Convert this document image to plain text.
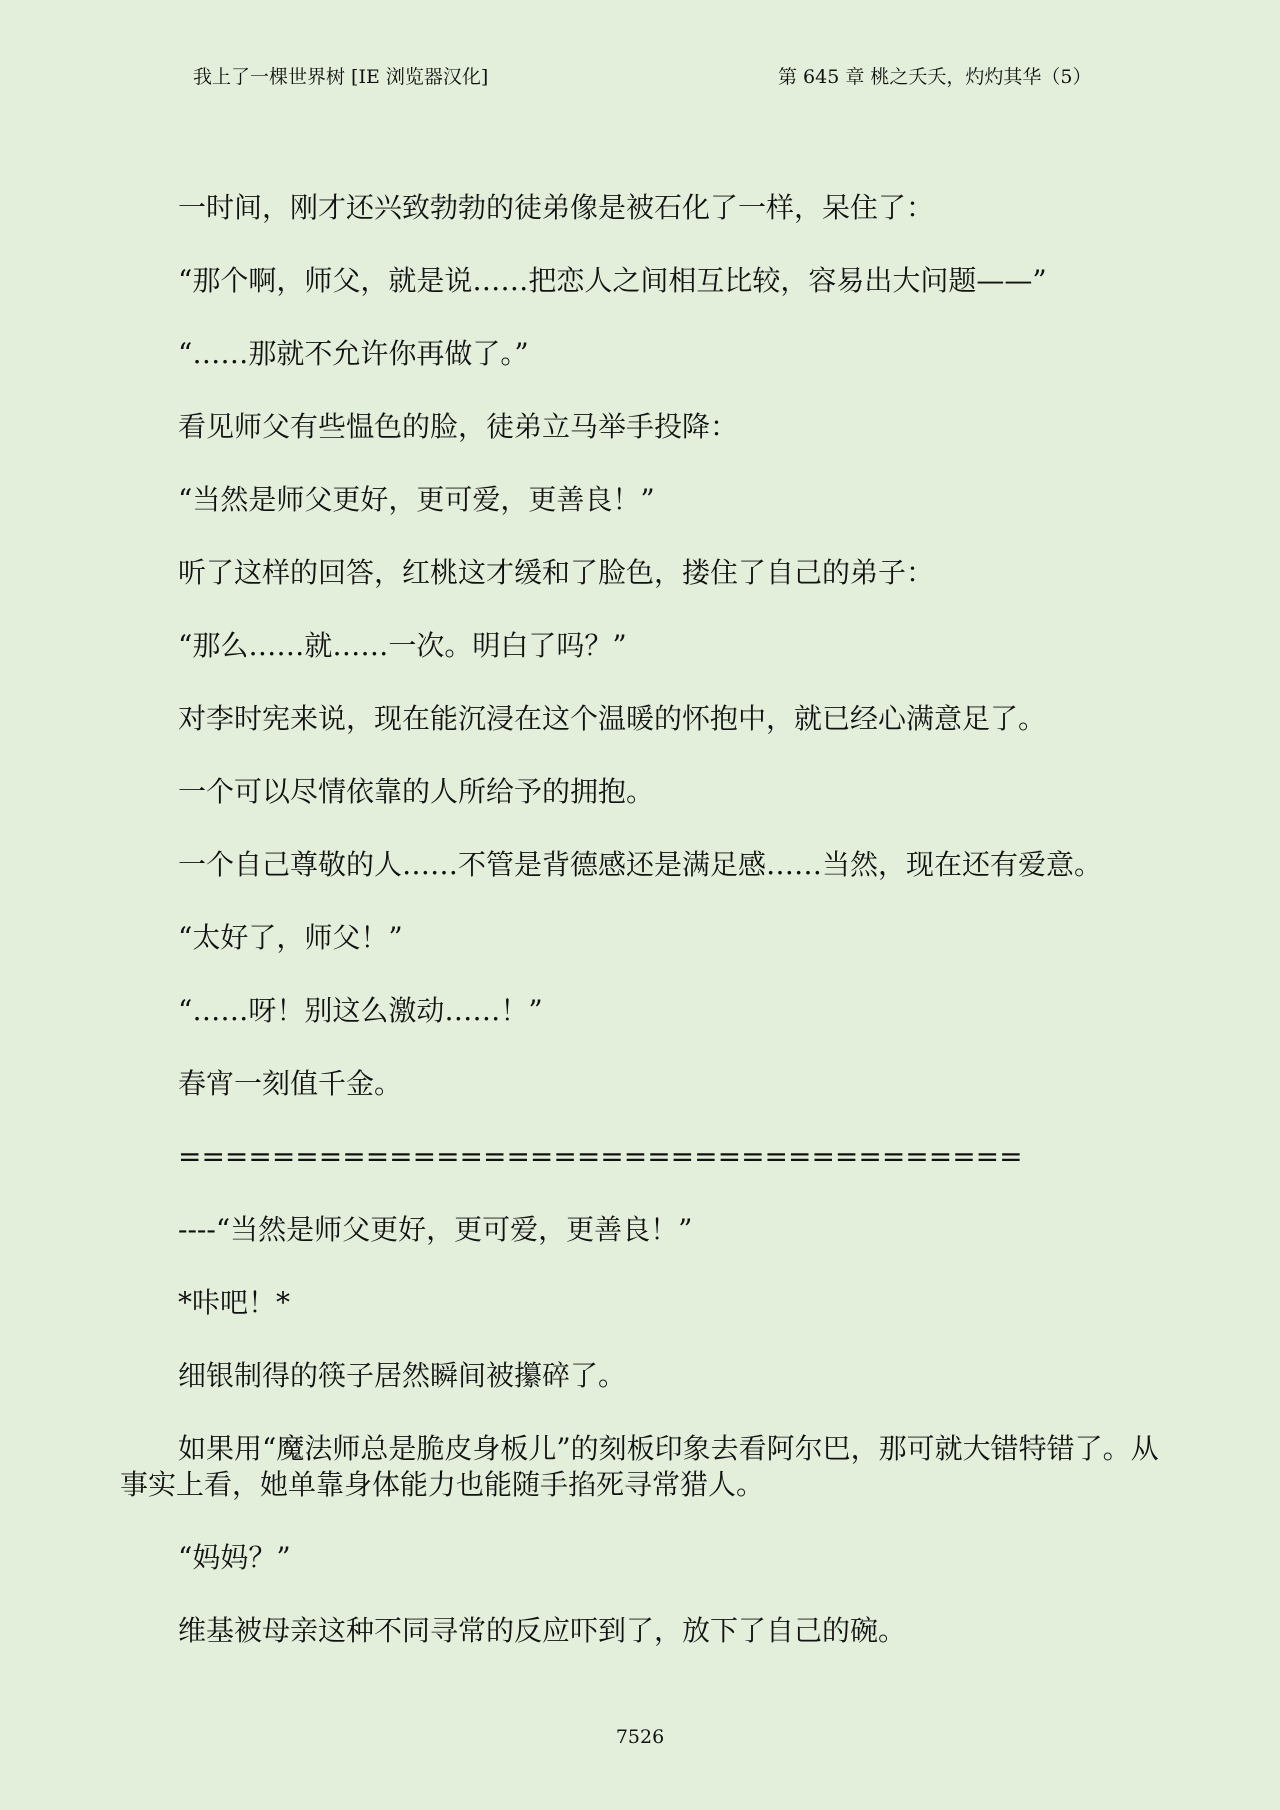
我上了一棵世界树 [IE 浏览器汉化]	第 645 章 桃之夭夭，灼灼其华（5）

一时间，刚才还兴致勃勃的徒弟像是被石化了一样，呆住了：

“那个啊，师父，就是说……把恋人之间相互比较，容易出大问题——”

“……那就不允许你再做了。”

看见师父有些愠色的脸，徒弟立马举手投降：

“当然是师父更好，更可爱，更善良！”

听了这样的回答，红桃这才缓和了脸色，搂住了自己的弟子：

“那么……就……一次。明白了吗？”

对李时宪来说，现在能沉浸在这个温暖的怀抱中，就已经心满意足了。

一个可以尽情依靠的人所给予的拥抱。

一个自己尊敬的人……不管是背德感还是满足感……当然，现在还有爱意。

“太好了，师父！”

“……呀！别这么激动……！”

春宵一刻值千金。

====================================

----“当然是师父更好，更可爱，更善良！”

*咔吧！*

细银制得的筷子居然瞬间被攥碎了。

如果用“魔法师总是脆皮身板儿”的刻板印象去看阿尔巴，那可就大错特错了。从事实上看，她单靠身体能力也能随手掐死寻常猎人。

“妈妈？”

维基被母亲这种不同寻常的反应吓到了，放下了自己的碗。

7526
